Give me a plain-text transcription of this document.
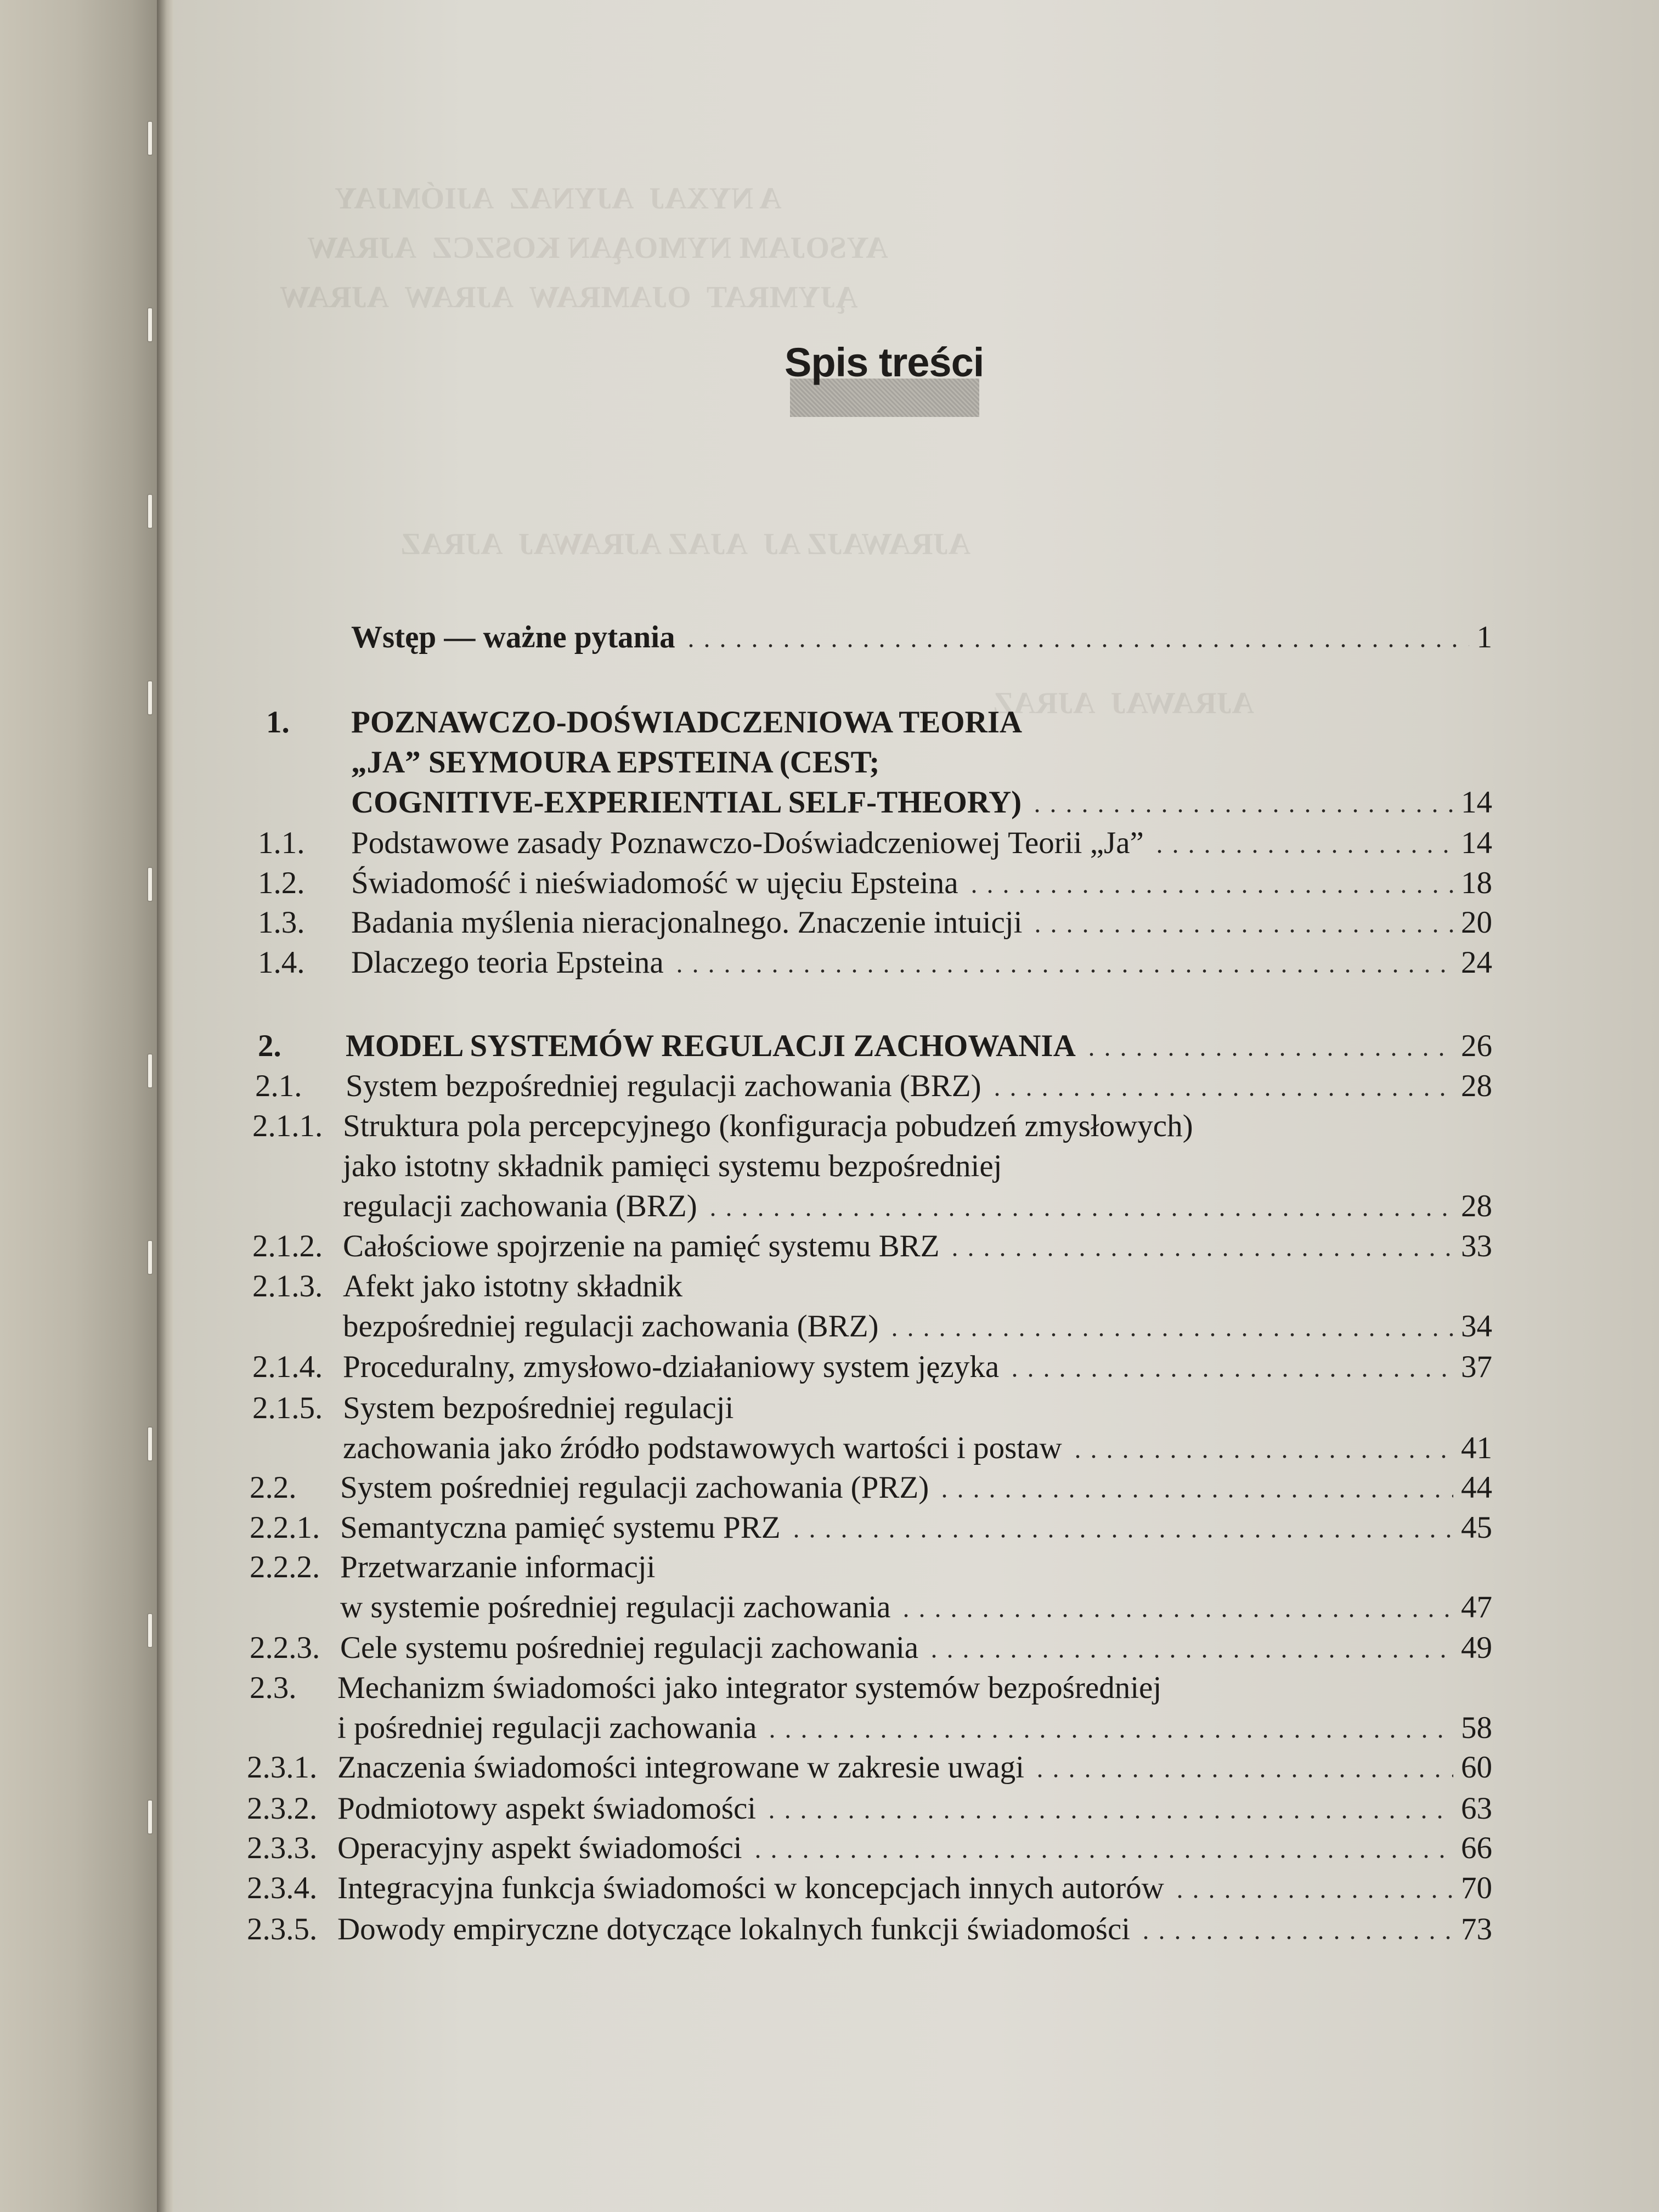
A NYXAJ  AJYNAZ  AJIÓMJAY
AYSOJAM NYMOĄAN KOSZCZ  AJRAW
ĄJYMRAT  OJAMRAW  AJRAW  AJRAW
AJRAWAJZ AJ  AJAZ AJRAWAJ  AJRAZ
AJRAWAJ  AJRAZ
Spis treści
Wstęp — ważne pytania	1
1. POZNAWCZO-DOŚWIADCZENIOWA TEORIA
„JA” SEYMOURA EPSTEINA (CEST;
COGNITIVE-EXPERIENTIAL SELF-THEORY)	14
1.1. Podstawowe zasady Poznawczo-Doświadczeniowej Teorii „Ja”	14
1.2. Świadomość i nieświadomość w ujęciu Epsteina	18
1.3. Badania myślenia nieracjonalnego. Znaczenie intuicji	20
1.4. Dlaczego teoria Epsteina	24
2. MODEL SYSTEMÓW REGULACJI ZACHOWANIA	26
2.1. System bezpośredniej regulacji zachowania (BRZ)	28
2.1.1. Struktura pola percepcyjnego (konfiguracja pobudzeń zmysłowych)
jako istotny składnik pamięci systemu bezpośredniej
regulacji zachowania (BRZ)	28
2.1.2. Całościowe spojrzenie na pamięć systemu BRZ	33
2.1.3. Afekt jako istotny składnik
bezpośredniej regulacji zachowania (BRZ)	34
2.1.4. Proceduralny, zmysłowo-działaniowy system języka	37
2.1.5. System bezpośredniej regulacji
zachowania jako źródło podstawowych wartości i postaw	41
2.2. System pośredniej regulacji zachowania (PRZ)	44
2.2.1. Semantyczna pamięć systemu PRZ	45
2.2.2. Przetwarzanie informacji
w systemie pośredniej regulacji zachowania	47
2.2.3. Cele systemu pośredniej regulacji zachowania	49
2.3. Mechanizm świadomości jako integrator systemów bezpośredniej
i pośredniej regulacji zachowania	58
2.3.1. Znaczenia świadomości integrowane w zakresie uwagi	60
2.3.2. Podmiotowy aspekt świadomości	63
2.3.3. Operacyjny aspekt świadomości	66
2.3.4. Integracyjna funkcja świadomości w koncepcjach innych autorów	70
2.3.5. Dowody empiryczne dotyczące lokalnych funkcji świadomości	73
